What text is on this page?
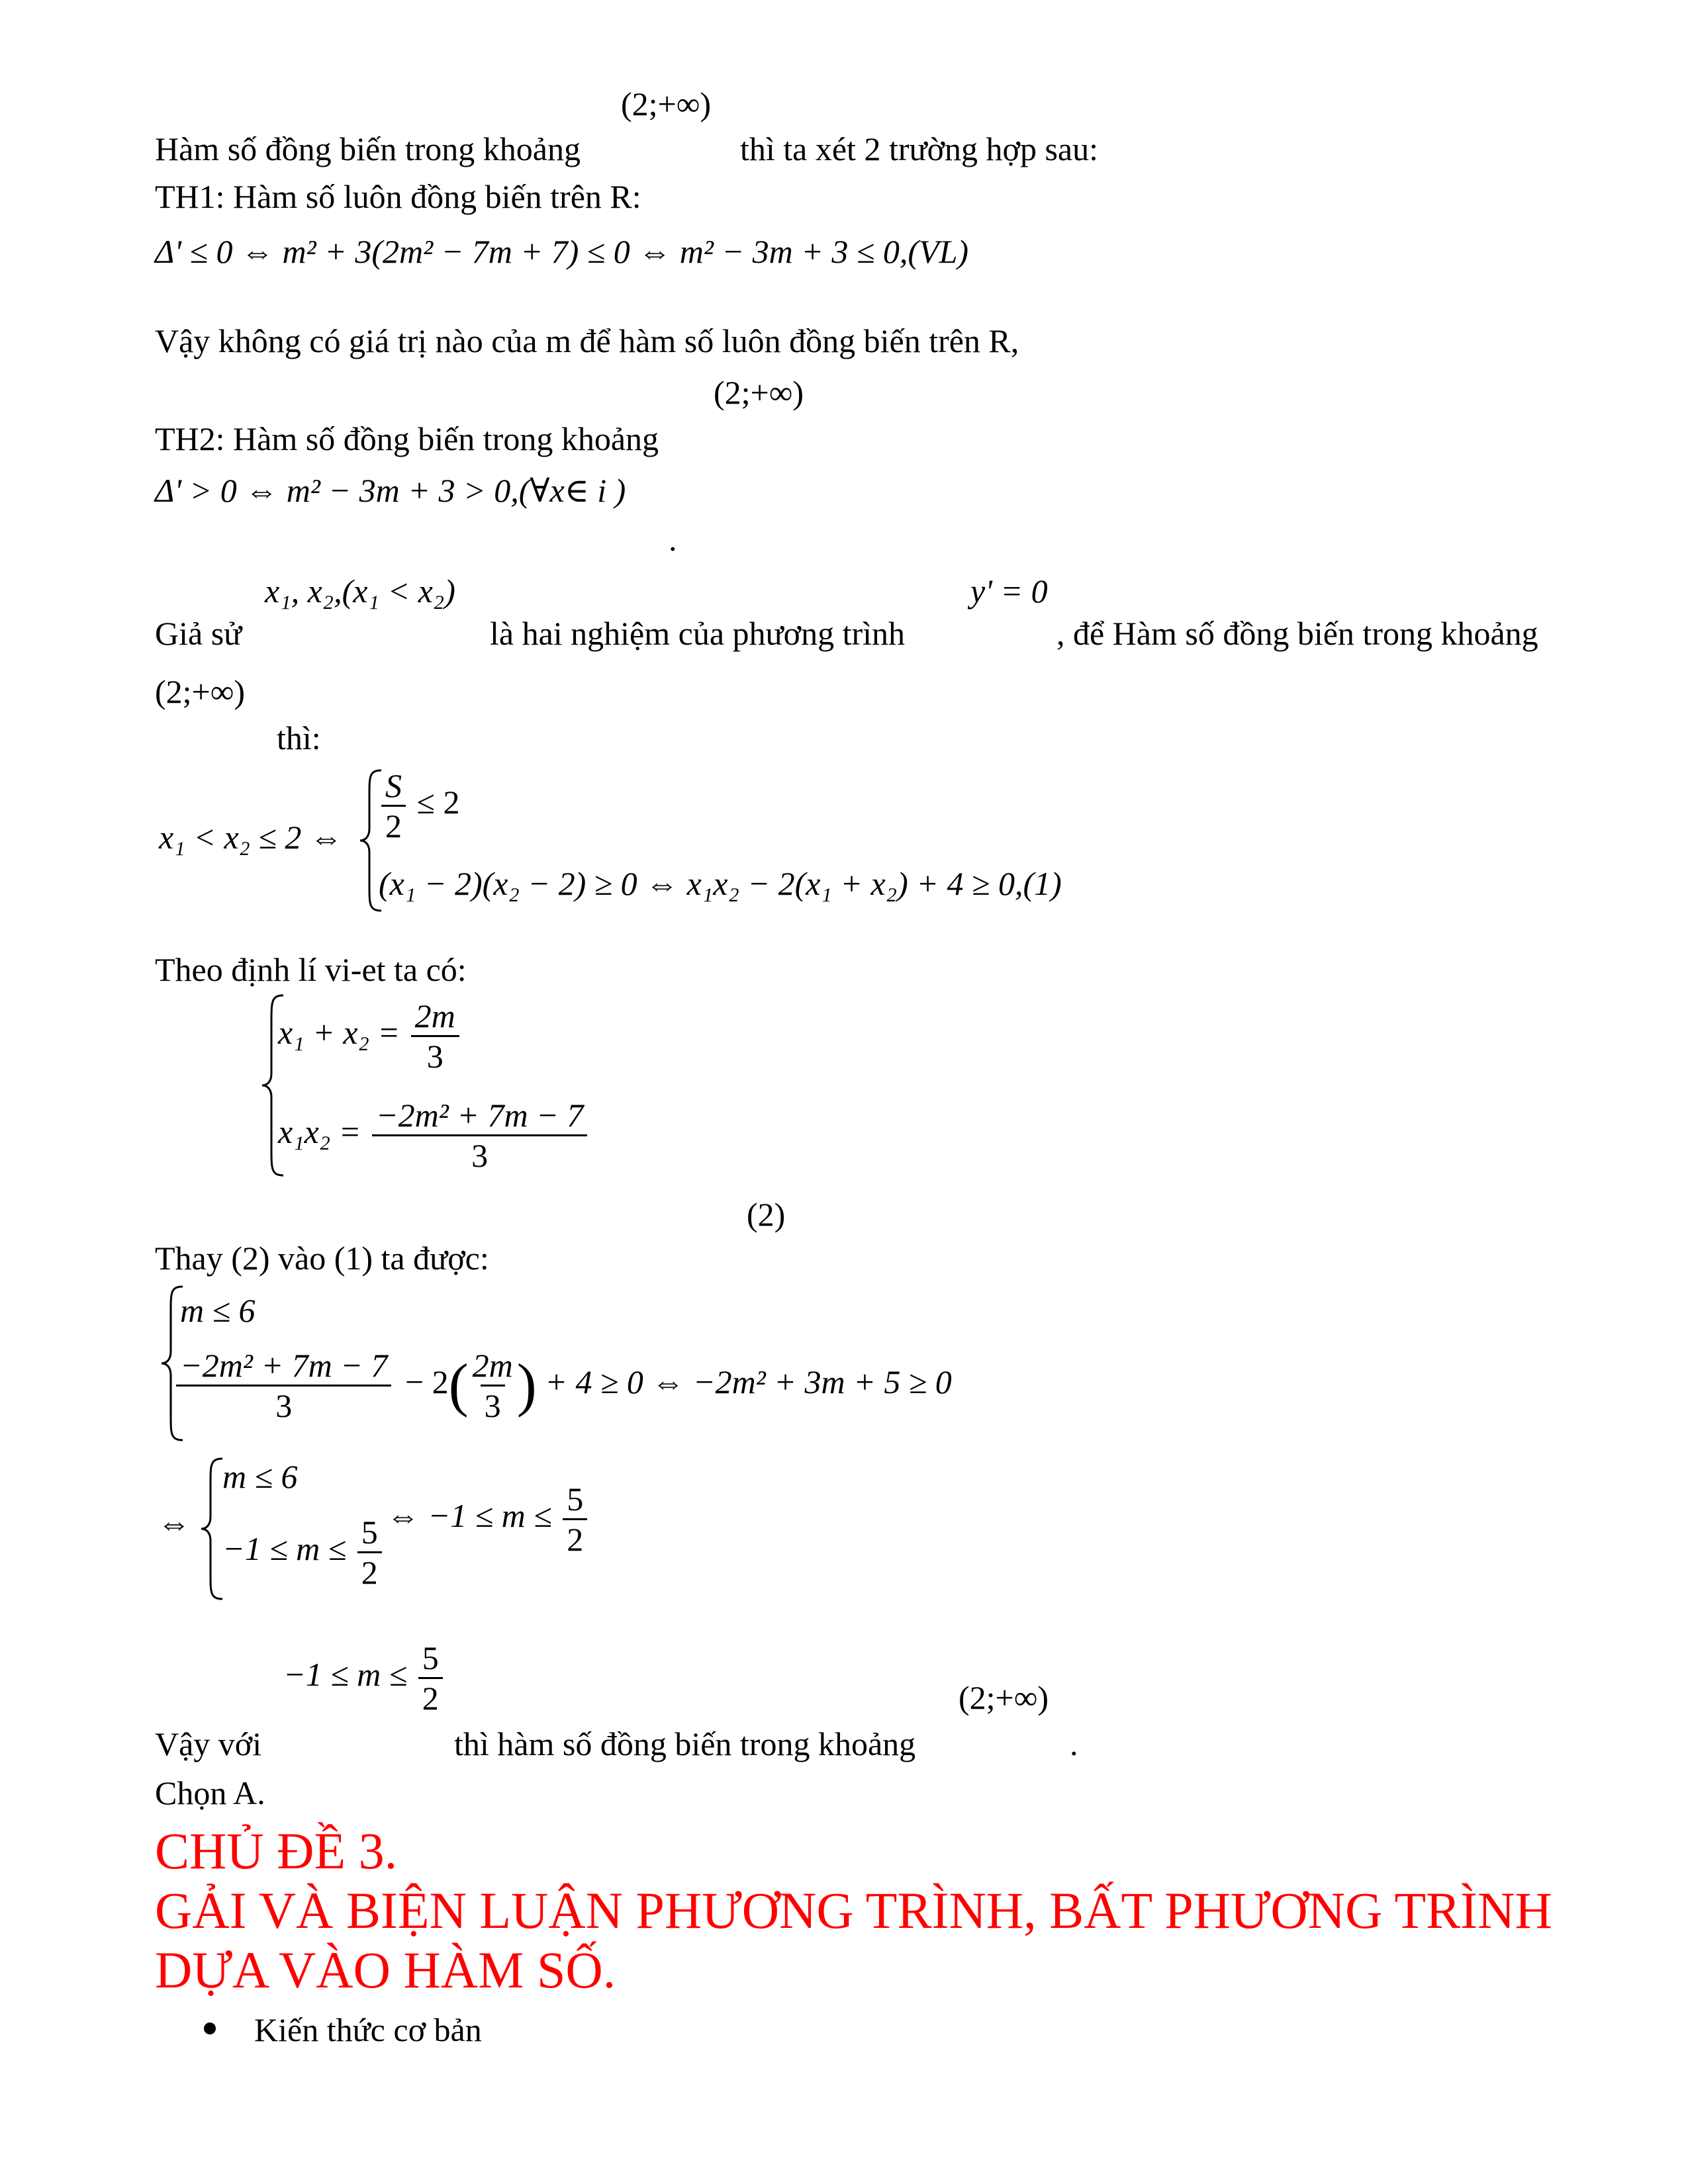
(2;+∞)
Hàm số đồng biến trong khoảng	thì ta xét 2 trường hợp sau:
TH1: Hàm số luôn đồng biến trên R:
Δ' ≤ 0 ⇔ m² + 3(2m² − 7m + 7) ≤ 0 ⇔ m² − 3m + 3 ≤ 0,(VL)
Vậy không có giá trị nào của m để hàm số luôn đồng biến trên R,
(2;+∞)
TH2: Hàm số đồng biến trong khoảng
Δ' > 0 ⇔ m² − 3m + 3 > 0,(∀x∈ i )
.
x₁, x₂,(x₁ < x₂)	y' = 0
Giả sử	là hai nghiệm của phương trình	, để Hàm số đồng biến trong khoảng
(2;+∞)
thì:
x₁ < x₂ ≤ 2 ⇔ $\frac{S}{2} \le 2$
(x₁ − 2)(x₂ − 2) ≥ 0 ⇔ x₁x₂ − 2(x₁ + x₂) + 4 ≥ 0,(1)
Theo định lí vi-et ta có:
$x_1 + x_2 = \frac{2m}{3}$
$x_1x_2 = \frac{\text{−2m² + 7m − 7}}{3}$
(2)
Thay (2) vào (1) ta được:
m ≤ 6
$\frac{\text{−2m² + 7m − 7}}{3} - 2( \frac{2m}{3}$ ) + 4 ≥ 0 ⇔ −2m² + 3m + 5 ≥ 0
⇔
m ≤ 6
$-1 \le m \le \frac{5}{2}$
⇔ $-1 \le m \le \frac{5}{2}$
$-1 \le m \le \frac{5}{2}$	(2;+∞)
Vậy với	thì hàm số đồng biến trong khoảng	.
Chọn A.
CHỦ ĐỀ 3.
GẢI VÀ BIỆN LUẬN PHƯƠNG TRÌNH, BẤT PHƯƠNG TRÌNH
DỰA VÀO HÀM SỐ.
Kiến thức cơ bản
